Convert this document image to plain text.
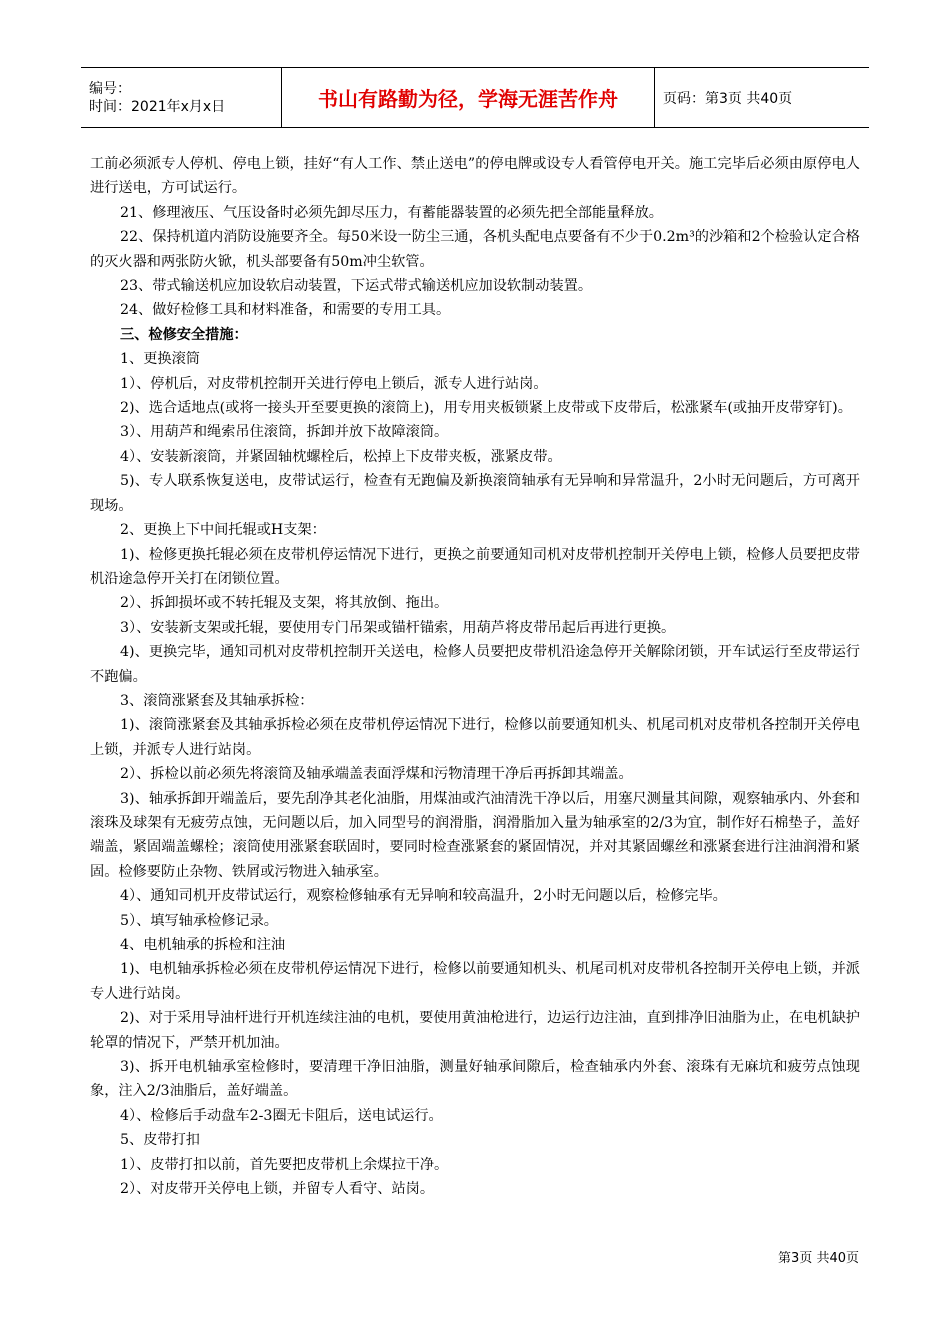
编号：
时间：2021年x月x日	书山有路勤为径，学海无涯苦作舟	页码：第3页 共40页

工前必须派专人停机、停电上锁，挂好“有人工作、禁止送电”的停电牌或设专人看管停电开关。施工完毕后必须由原停电人进行送电，方可试运行。

21、修理液压、气压设备时必须先卸尽压力，有蓄能器装置的必须先把全部能量释放。

22、保持机道内消防设施要齐全。每50米设一防尘三通，各机头配电点要备有不少于0.2m³的沙箱和2个检验认定合格的灭火器和两张防火锨，机头部要备有50m冲尘软管。

23、带式输送机应加设软启动装置，下运式带式输送机应加设软制动装置。

24、做好检修工具和材料准备，和需要的专用工具。

三、检修安全措施：

1、更换滚筒

1）、停机后，对皮带机控制开关进行停电上锁后，派专人进行站岗。

2)、选合适地点(或将一接头开至要更换的滚筒上)，用专用夹板锁紧上皮带或下皮带后，松涨紧车(或抽开皮带穿钉)。

3）、用葫芦和绳索吊住滚筒，拆卸并放下故障滚筒。

4）、安装新滚筒，并紧固轴枕螺栓后，松掉上下皮带夹板，涨紧皮带。

5)、专人联系恢复送电，皮带试运行，检查有无跑偏及新换滚筒轴承有无异响和异常温升，2小时无问题后，方可离开现场。

2、更换上下中间托辊或H支架：

1)、检修更换托辊必须在皮带机停运情况下进行，更换之前要通知司机对皮带机控制开关停电上锁，检修人员要把皮带机沿途急停开关打在闭锁位置。

2）、拆卸损坏或不转托辊及支架，将其放倒、拖出。

3）、安装新支架或托辊，要使用专门吊架或锚杆锚索，用葫芦将皮带吊起后再进行更换。

4)、更换完毕，通知司机对皮带机控制开关送电，检修人员要把皮带机沿途急停开关解除闭锁，开车试运行至皮带运行不跑偏。

3、滚筒涨紧套及其轴承拆检：

1)、滚筒涨紧套及其轴承拆检必须在皮带机停运情况下进行，检修以前要通知机头、机尾司机对皮带机各控制开关停电上锁，并派专人进行站岗。

2）、拆检以前必须先将滚筒及轴承端盖表面浮煤和污物清理干净后再拆卸其端盖。

3)、轴承拆卸开端盖后，要先刮净其老化油脂，用煤油或汽油清洗干净以后，用塞尺测量其间隙，观察轴承内、外套和滚珠及球架有无疲劳点蚀，无问题以后，加入同型号的润滑脂，润滑脂加入量为轴承室的2/3为宜，制作好石棉垫子，盖好端盖，紧固端盖螺栓；滚筒使用涨紧套联固时，要同时检查涨紧套的紧固情况，并对其紧固螺丝和涨紧套进行注油润滑和紧固。检修要防止杂物、铁屑或污物进入轴承室。

4）、通知司机开皮带试运行，观察检修轴承有无异响和较高温升，2小时无问题以后，检修完毕。

5）、填写轴承检修记录。

4、电机轴承的拆检和注油

1)、电机轴承拆检必须在皮带机停运情况下进行，检修以前要通知机头、机尾司机对皮带机各控制开关停电上锁，并派专人进行站岗。

2)、对于采用导油杆进行开机连续注油的电机，要使用黄油枪进行，边运行边注油，直到排净旧油脂为止，在电机缺护轮罩的情况下，严禁开机加油。

3)、拆开电机轴承室检修时，要清理干净旧油脂，测量好轴承间隙后，检查轴承内外套、滚珠有无麻坑和疲劳点蚀现象，注入2/3油脂后，盖好端盖。

4）、检修后手动盘车2-3圈无卡阻后，送电试运行。

5、皮带打扣

1）、皮带打扣以前，首先要把皮带机上余煤拉干净。

2）、对皮带开关停电上锁，并留专人看守、站岗。

第3页 共40页
